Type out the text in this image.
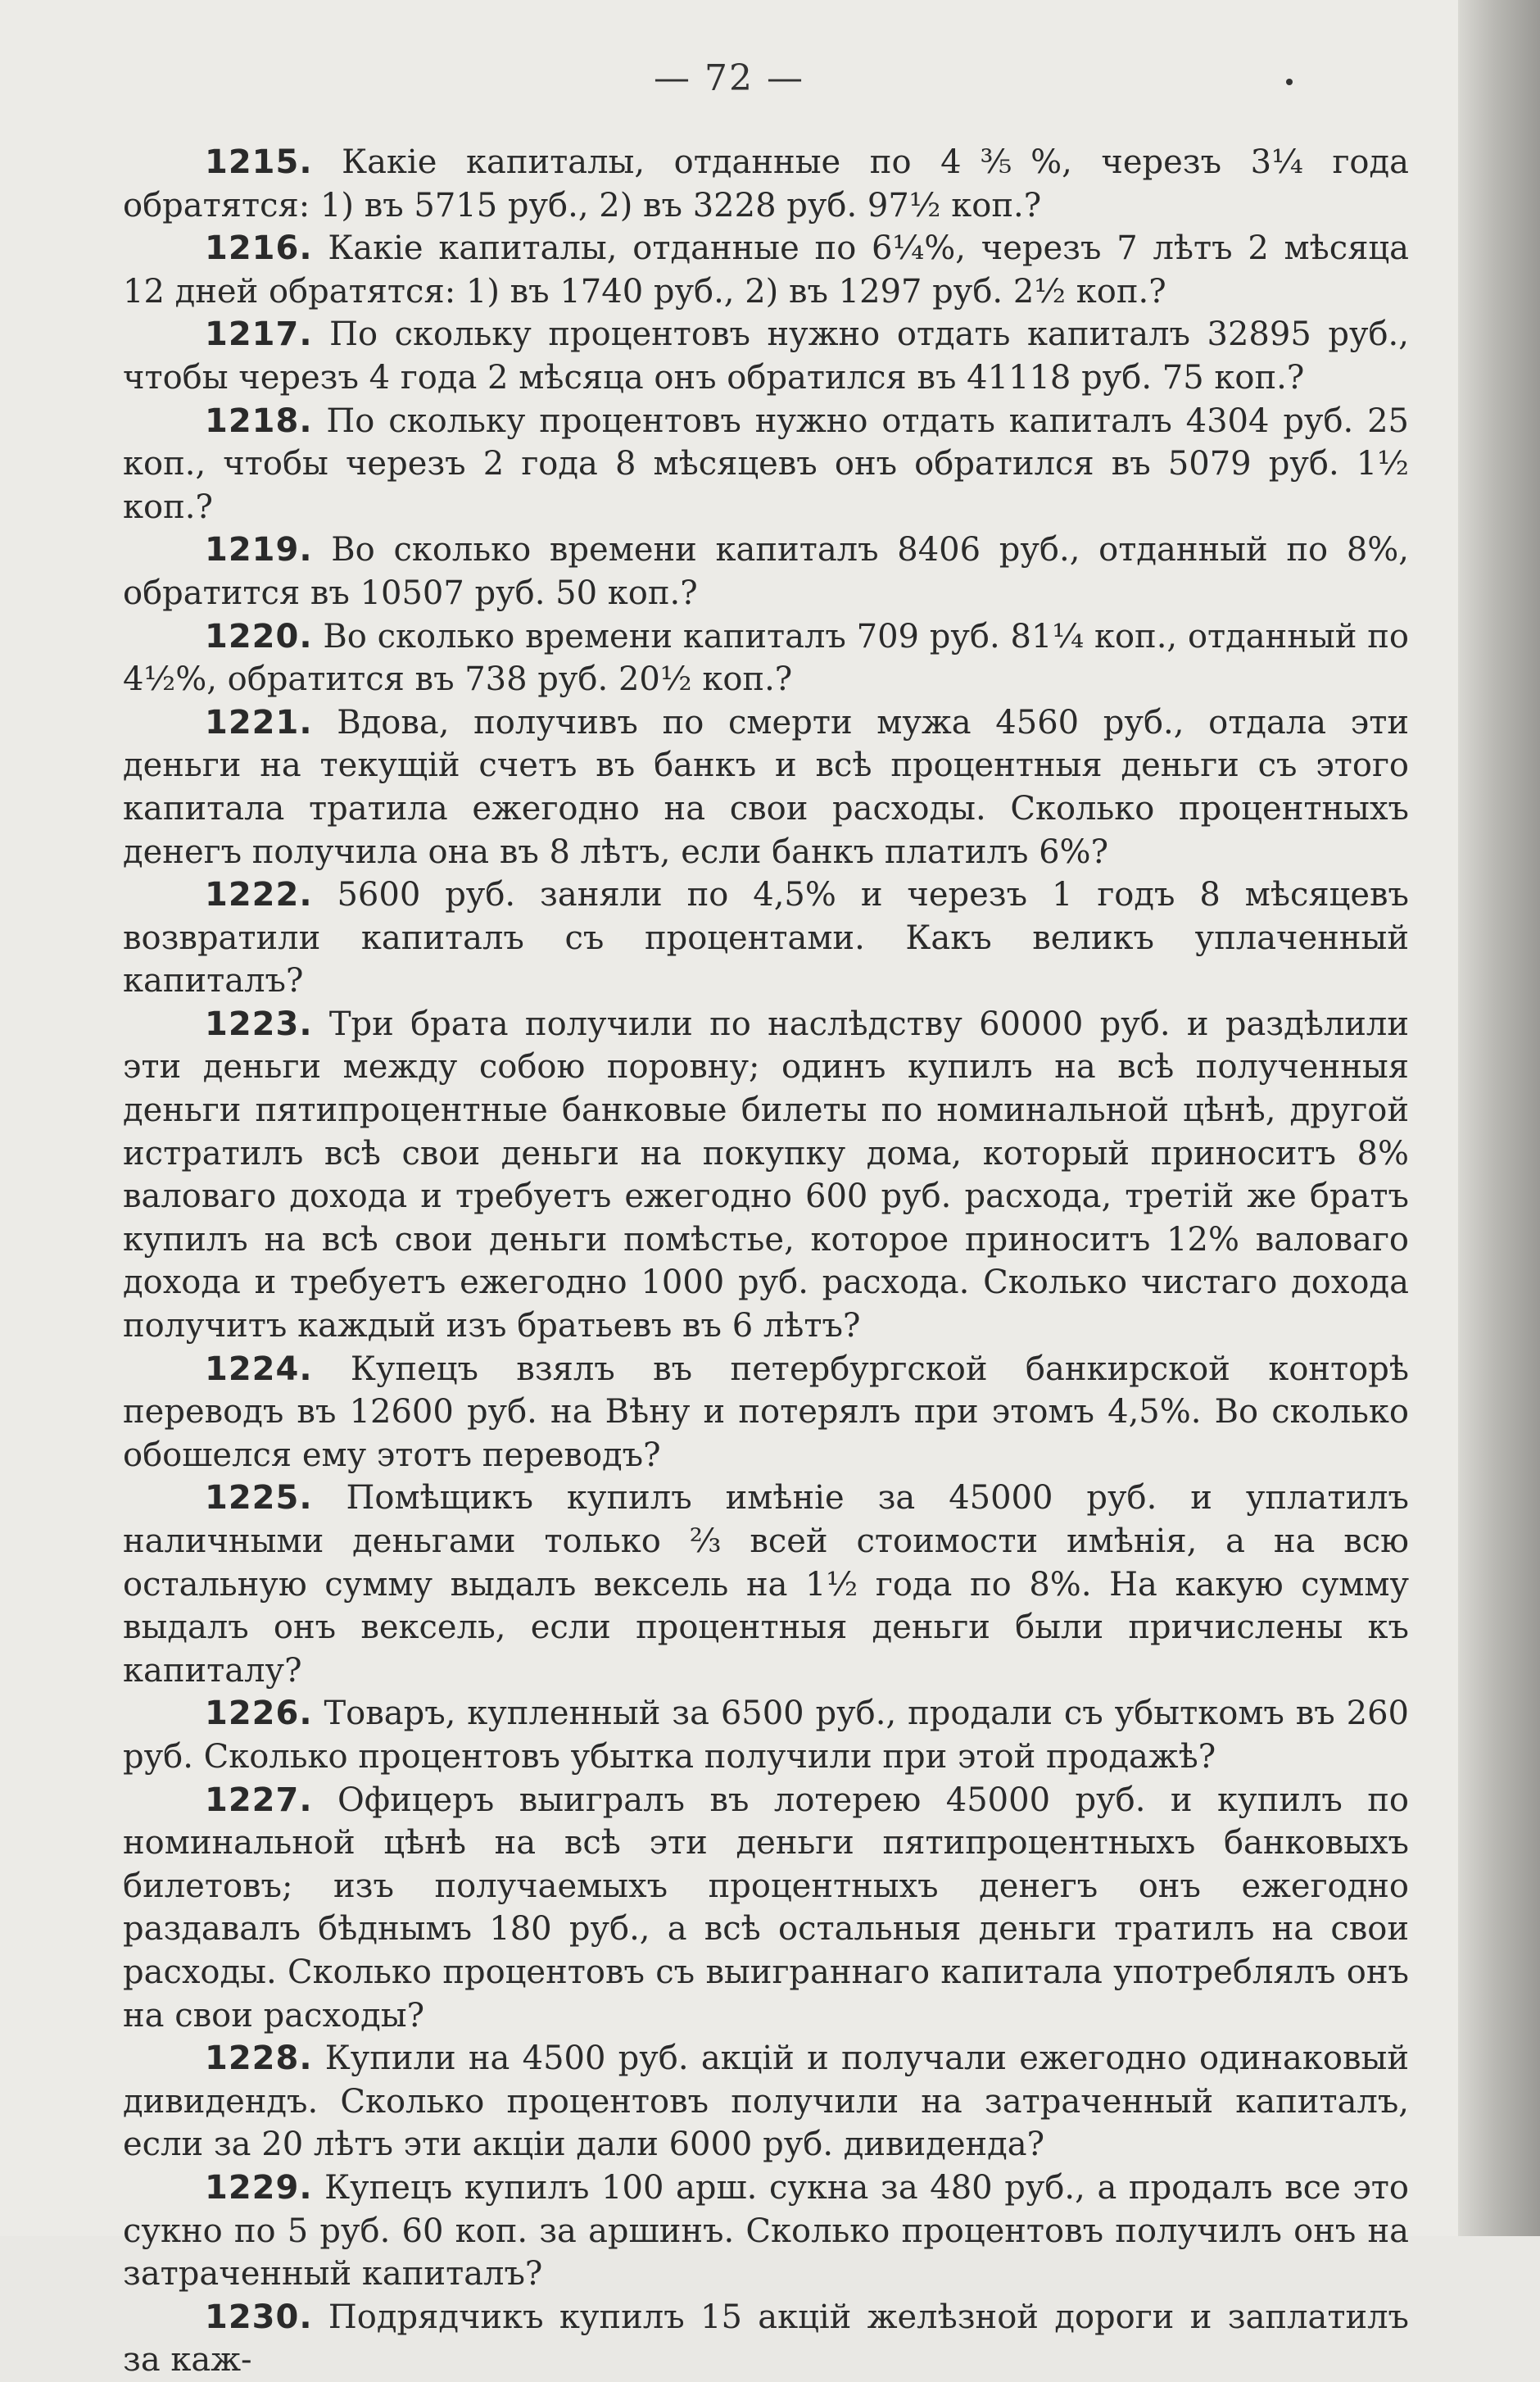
— 72 —

1215. Какіе капиталы, отданные по 4⅗%, черезъ 3¼ года обратятся: 1) въ 5715 руб., 2) въ 3228 руб. 97½ коп.?

1216. Какіе капиталы, отданные по 6¼%, черезъ 7 лѣтъ 2 мѣсяца 12 дней обратятся: 1) въ 1740 руб., 2) въ 1297 руб. 2½ коп.?

1217. По скольку процентовъ нужно отдать капиталъ 32895 руб., чтобы черезъ 4 года 2 мѣсяца онъ обратился въ 41118 руб. 75 коп.?

1218. По скольку процентовъ нужно отдать капиталъ 4304 руб. 25 коп., чтобы черезъ 2 года 8 мѣсяцевъ онъ обратился въ 5079 руб. 1½ коп.?

1219. Во сколько времени капиталъ 8406 руб., отданный по 8%, обратится въ 10507 руб. 50 коп.?

1220. Во сколько времени капиталъ 709 руб. 81¼ коп., отданный по 4½%, обратится въ 738 руб. 20½ коп.?

1221. Вдова, получивъ по смерти мужа 4560 руб., отдала эти деньги на текущій счетъ въ банкъ и всѣ процентныя деньги съ этого капитала тратила ежегодно на свои расходы. Сколько процентныхъ денегъ получила она въ 8 лѣтъ, если банкъ платилъ 6%?

1222. 5600 руб. заняли по 4,5% и черезъ 1 годъ 8 мѣсяцевъ возвратили капиталъ съ процентами. Какъ великъ уплаченный капиталъ?

1223. Три брата получили по наслѣдству 60000 руб. и раздѣлили эти деньги между собою поровну; одинъ купилъ на всѣ полученныя деньги пятипроцентные банковые билеты по номинальной цѣнѣ, другой истратилъ всѣ свои деньги на покупку дома, который приноситъ 8% валоваго дохода и требуетъ ежегодно 600 руб. расхода, третій же братъ купилъ на всѣ свои деньги помѣстье, которое приноситъ 12% валоваго дохода и требуетъ ежегодно 1000 руб. расхода. Сколько чистаго дохода получитъ каждый изъ братьевъ въ 6 лѣтъ?

1224. Купецъ взялъ въ петербургской банкирской конторѣ переводъ въ 12600 руб. на Вѣну и потерялъ при этомъ 4,5%. Во сколько обошелся ему этотъ переводъ?

1225. Помѣщикъ купилъ имѣніе за 45000 руб. и уплатилъ наличными деньгами только ⅔ всей стоимости имѣнія, а на всю остальную сумму выдалъ вексель на 1½ года по 8%. На какую сумму выдалъ онъ вексель, если процентныя деньги были причислены къ капиталу?

1226. Товаръ, купленный за 6500 руб., продали съ убыткомъ въ 260 руб. Сколько процентовъ убытка получили при этой продажѣ?

1227. Офицеръ выигралъ въ лотерею 45000 руб. и купилъ по номинальной цѣнѣ на всѣ эти деньги пятипроцентныхъ банковыхъ билетовъ; изъ получаемыхъ процентныхъ денегъ онъ ежегодно раздавалъ бѣднымъ 180 руб., а всѣ остальныя деньги тратилъ на свои расходы. Сколько процентовъ съ выиграннаго капитала употреблялъ онъ на свои расходы?

1228. Купили на 4500 руб. акцій и получали ежегодно одинаковый дивидендъ. Сколько процентовъ получили на затраченный капиталъ, если за 20 лѣтъ эти акціи дали 6000 руб. дивиденда?

1229. Купецъ купилъ 100 арш. сукна за 480 руб., а продалъ все это сукно по 5 руб. 60 коп. за аршинъ. Сколько процентовъ получилъ онъ на затраченный капиталъ?

1230. Подрядчикъ купилъ 15 акцій желѣзной дороги и заплатилъ за каж-
